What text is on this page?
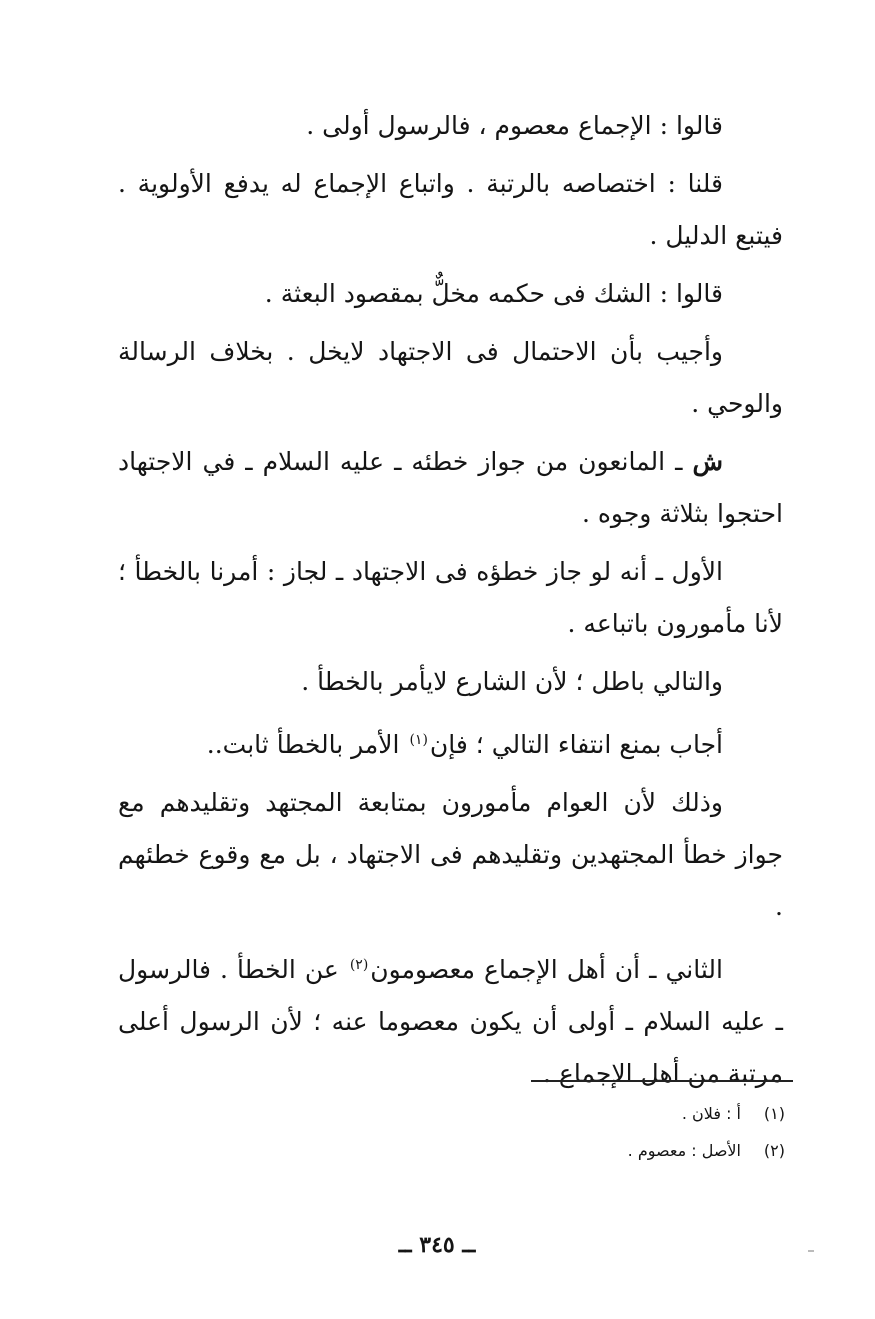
قالوا : الإجماع معصوم ، فالرسول أولى .

قلنا : اختصاصه بالرتبة . واتباع الإجماع له يدفع الأولوية . فيتبع الدليل .

قالوا : الشك فى حكمه مخلٌّ بمقصود البعثة .

وأجيب بأن الاحتمال فى الاجتهاد لايخل . بخلاف الرسالة والوحي .

ش ـ المانعون من جواز خطئه ـ عليه السلام ـ في الاجتهاد احتجوا بثلاثة وجوه .

الأول ـ أنه لو جاز خطؤه فى الاجتهاد ـ لجاز : أمرنا بالخطأ ؛ لأنا مأمورون باتباعه .

والتالي باطل ؛ لأن الشارع لايأمر بالخطأ .

أجاب بمنع انتفاء التالي ؛ فإن$^{(١)}$ الأمر بالخطأ ثابت..

وذلك لأن العوام مأمورون بمتابعة المجتهد وتقليدهم مع جواز خطأ المجتهدين وتقليدهم فى الاجتهاد ، بل مع وقوع خطئهم .

الثاني ـ أن أهل الإجماع معصومون$^{(٢)}$ عن الخطأ . فالرسول ـ عليه السلام ـ أولى أن يكون معصوما عنه ؛ لأن الرسول أعلى مرتبة من أهل الإجماع .

(١)أ : فلان .
(٢)الأصل : معصوم .
ــ ٣٤٥ ــ
